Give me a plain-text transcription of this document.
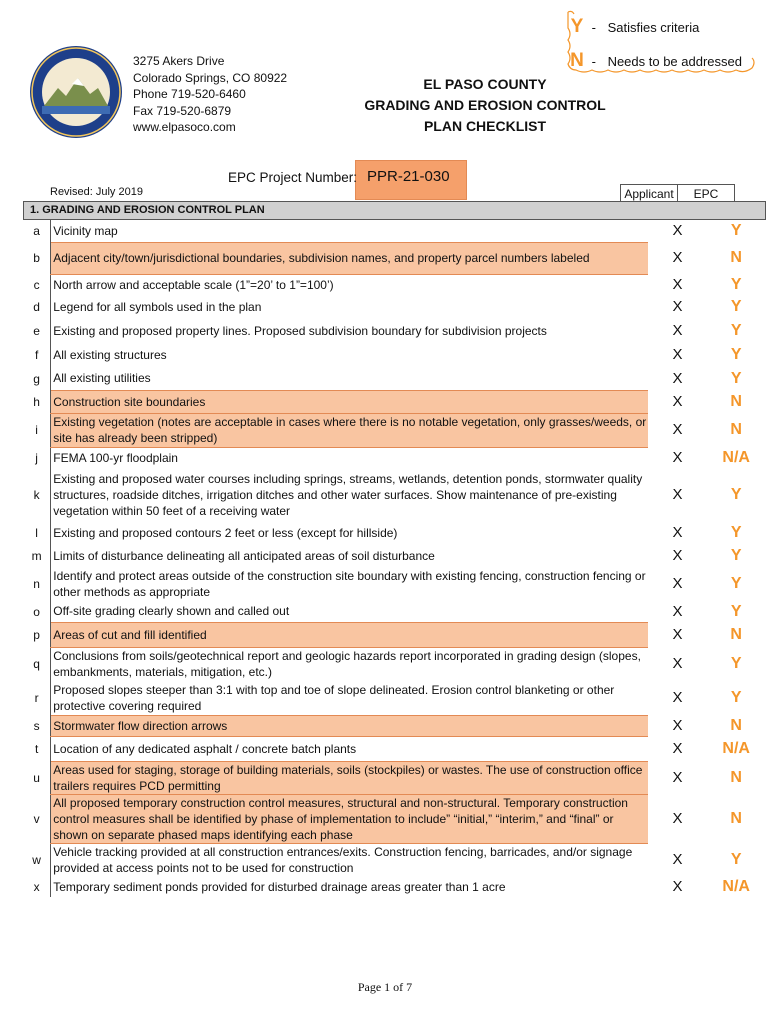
3275 Akers Drive
Colorado Springs, CO 80922
Phone 719-520-6460
Fax 719-520-6879
www.elpasoco.com
EL PASO COUNTY
GRADING AND EROSION CONTROL
PLAN CHECKLIST
Y - Satisfies criteria
N - Needs to be addressed
EPC Project Number: PPR-21-030
Revised: July 2019	Applicant	EPC
1. GRADING AND EROSION CONTROL PLAN
a	Vicinity map	X	Y
b	Adjacent city/town/jurisdictional boundaries, subdivision names, and property parcel numbers labeled	X	N
c	North arrow and acceptable scale (1”=20’ to 1”=100’)	X	Y
d	Legend for all symbols used in the plan	X	Y
e	Existing and proposed property lines. Proposed subdivision boundary for subdivision projects	X	Y
f	All existing structures	X	Y
g	All existing utilities	X	Y
h	Construction site boundaries	X	N
i	Existing vegetation (notes are acceptable in cases where there is no notable vegetation, only grasses/weeds, or site has already been stripped)	X	N
j	FEMA 100-yr floodplain	X	N/A
k	Existing and proposed water courses including springs, streams, wetlands, detention ponds, stormwater quality structures, roadside ditches, irrigation ditches and other water surfaces. Show maintenance of pre-existing vegetation within 50 feet of a receiving water	X	Y
l	Existing and proposed contours 2 feet or less (except for hillside)	X	Y
m	Limits of disturbance delineating all anticipated areas of soil disturbance	X	Y
n	Identify and protect areas outside of the construction site boundary with existing fencing, construction fencing or other methods as appropriate	X	Y
o	Off-site grading clearly shown and called out	X	Y
p	Areas of cut and fill identified	X	N
q	Conclusions from soils/geotechnical report and geologic hazards report incorporated in grading design (slopes, embankments, materials, mitigation, etc.)	X	Y
r	Proposed slopes steeper than 3:1 with top and toe of slope delineated. Erosion control blanketing or other protective covering required	X	Y
s	Stormwater flow direction arrows	X	N
t	Location of any dedicated asphalt / concrete batch plants	X	N/A
u	Areas used for staging, storage of building materials, soils (stockpiles) or wastes. The use of construction office trailers requires PCD permitting	X	N
v	All proposed temporary construction control measures, structural and non-structural. Temporary construction control measures shall be identified by phase of implementation to include” “initial,” “interim,” and “final” or shown on separate phased maps identifying each phase	X	N
w	Vehicle tracking provided at all construction entrances/exits. Construction fencing, barricades, and/or signage provided at access points not to be used for construction	X	Y
x	Temporary sediment ponds provided for disturbed drainage areas greater than 1 acre	X	N/A
Page 1 of 7
